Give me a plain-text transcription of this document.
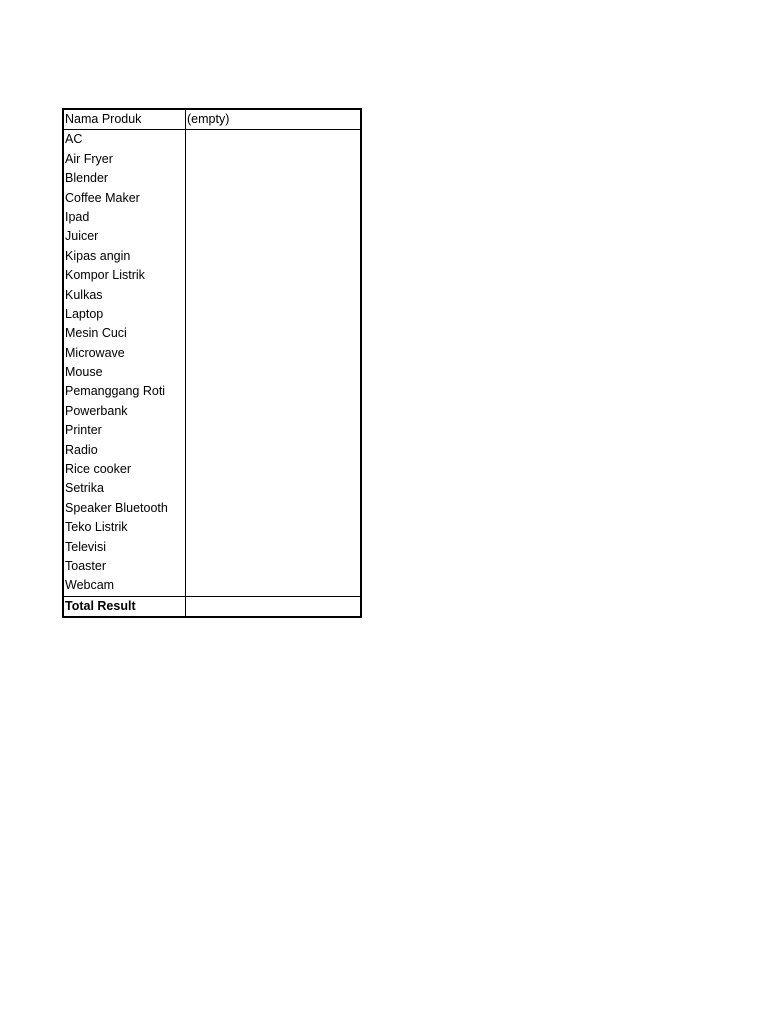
Nama Produk	(empty)
AC
Air Fryer
Blender
Coffee Maker
Ipad
Juicer
Kipas angin
Kompor Listrik
Kulkas
Laptop
Mesin Cuci
Microwave
Mouse
Pemanggang Roti
Powerbank
Printer
Radio
Rice cooker
Setrika
Speaker Bluetooth
Teko Listrik
Televisi
Toaster
Webcam
Total Result
